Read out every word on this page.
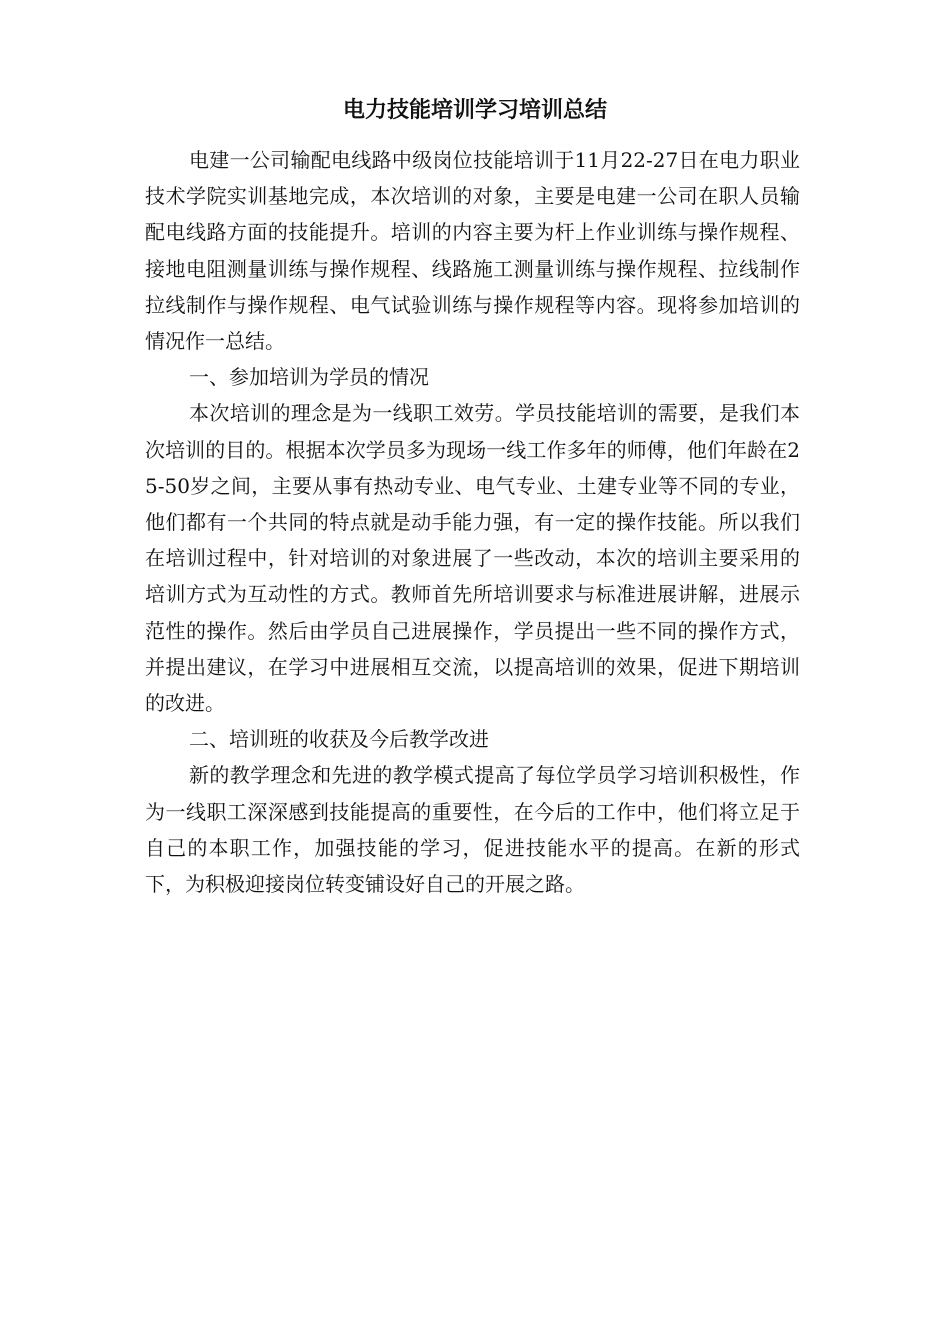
电力技能培训学习培训总结

电建一公司输配电线路中级岗位技能培训于11月22-27日在电力职业技术学院实训基地完成，本次培训的对象，主要是电建一公司在职人员输配电线路方面的技能提升。培训的内容主要为杆上作业训练与操作规程、接地电阻测量训练与操作规程、线路施工测量训练与操作规程、拉线制作拉线制作与操作规程、电气试验训练与操作规程等内容。现将参加培训的情况作一总结。

一、参加培训为学员的情况

本次培训的理念是为一线职工效劳。学员技能培训的需要，是我们本次培训的目的。根据本次学员多为现场一线工作多年的师傅，他们年龄在25-50岁之间，主要从事有热动专业、电气专业、土建专业等不同的专业，他们都有一个共同的特点就是动手能力强，有一定的操作技能。所以我们在培训过程中，针对培训的对象进展了一些改动，本次的培训主要采用的培训方式为互动性的方式。教师首先所培训要求与标准进展讲解，进展示范性的操作。然后由学员自己进展操作，学员提出一些不同的操作方式，并提出建议，在学习中进展相互交流，以提高培训的效果，促进下期培训的改进。

二、培训班的收获及今后教学改进

新的教学理念和先进的教学模式提高了每位学员学习培训积极性，作为一线职工深深感到技能提高的重要性，在今后的工作中，他们将立足于自己的本职工作，加强技能的学习，促进技能水平的提高。在新的形式下，为积极迎接岗位转变铺设好自己的开展之路。
